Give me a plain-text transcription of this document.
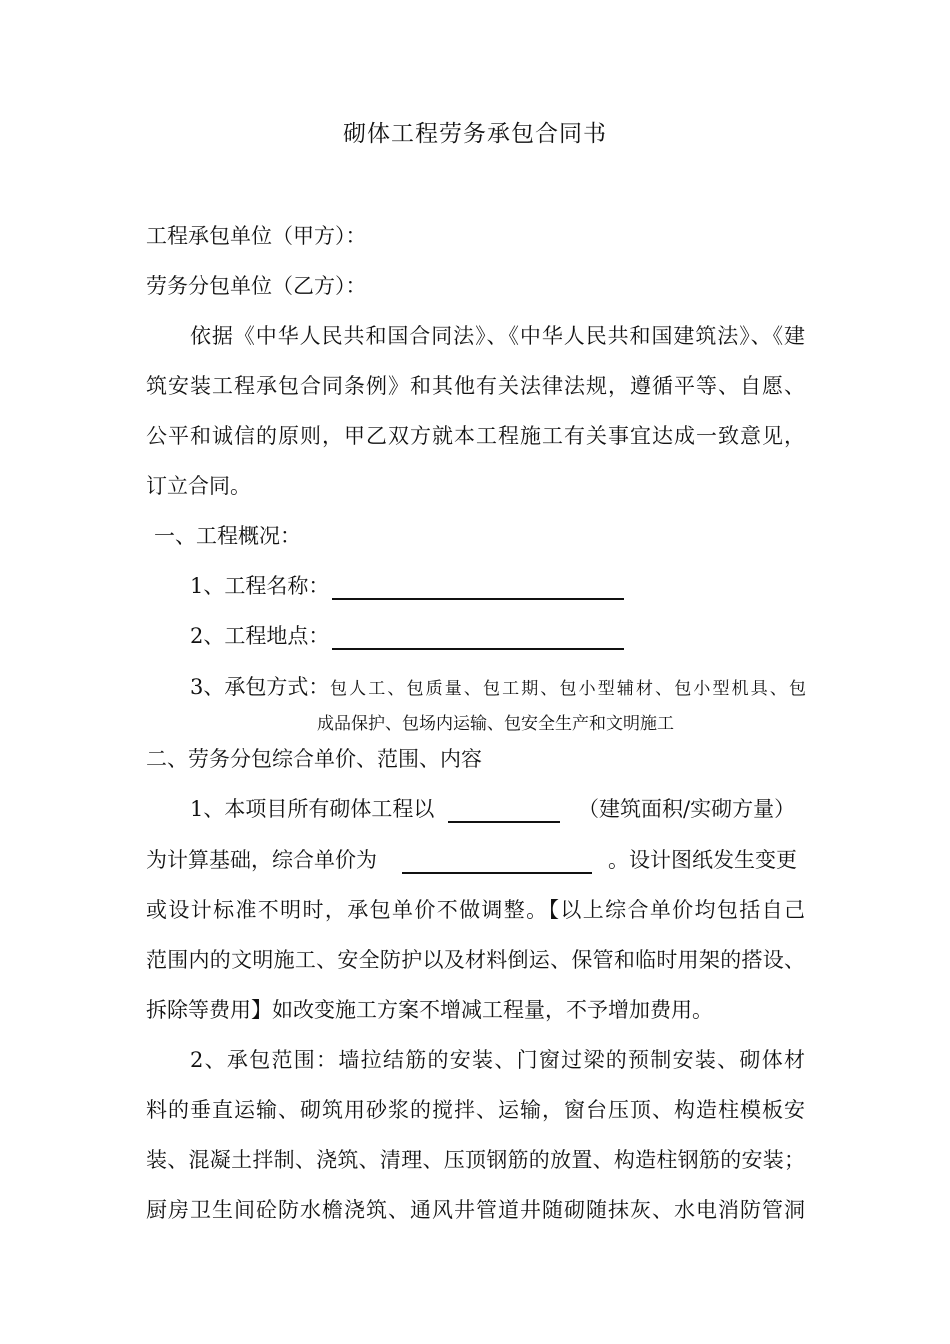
砌体工程劳务承包合同书
工程承包单位（甲方）：
劳务分包单位（乙方）：
依据《中华人民共和国合同法》、《中华人民共和国建筑法》、《建
筑安装工程承包合同条例》和其他有关法律法规，遵循平等、自愿、
公平和诚信的原则，甲乙双方就本工程施工有关事宜达成一致意见，
订立合同。
一、工程概况：
1、工程名称：
2、工程地点：
3、承包方式： 包人工、包质量、包工期、包小型辅材、包小型机具、包
成品保护、包场内运输、包安全生产和文明施工
二、劳务分包综合单价、范围、内容
1、本项目所有砌体工程以	（建筑面积/实砌方量）
为计算基础，综合单价为	。设计图纸发生变更
或设计标准不明时，承包单价不做调整。【以上综合单价均包括自己
范围内的文明施工、安全防护以及材料倒运、保管和临时用架的搭设、
拆除等费用】如改变施工方案不增减工程量，不予增加费用。
2、承包范围：墙拉结筋的安装、门窗过梁的预制安装、砌体材
料的垂直运输、砌筑用砂浆的搅拌、运输，窗台压顶、构造柱模板安
装、混凝土拌制、浇筑、清理、压顶钢筋的放置、构造柱钢筋的安装；
厨房卫生间砼防水檐浇筑、通风井管道井随砌随抹灰、水电消防管洞
